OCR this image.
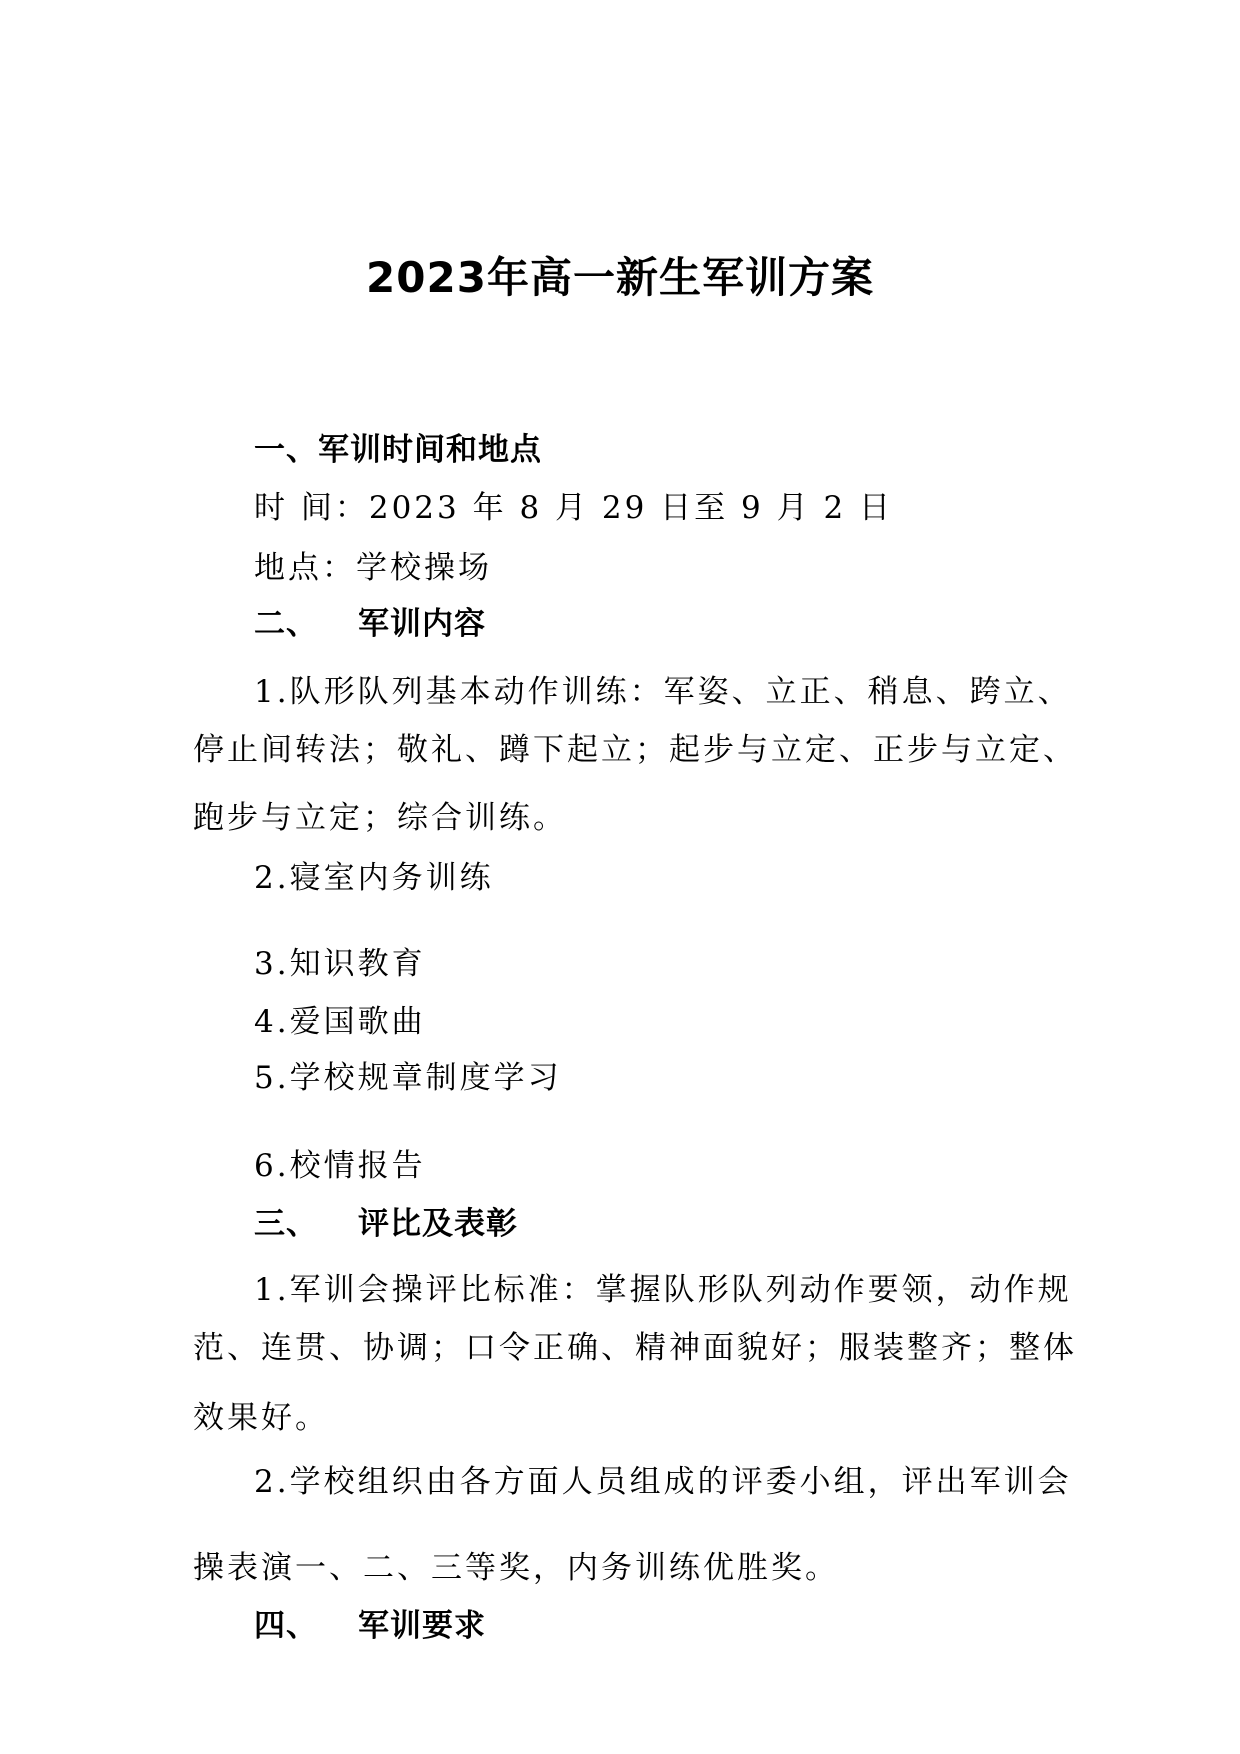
2023年高一新生军训方案
一、军训时间和地点
时 间：2023 年 8 月 29 日至 9 月 2 日
地点：学校操场
二、 军训内容
1.队形队列基本动作训练：军姿、立正、稍息、跨立、
停止间转法；敬礼、蹲下起立；起步与立定、正步与立定、
跑步与立定；综合训练。
2.寝室内务训练
3.知识教育
4.爱国歌曲
5.学校规章制度学习
6.校情报告
三、 评比及表彰
1.军训会操评比标准：掌握队形队列动作要领，动作规
范、连贯、协调；口令正确、精神面貌好；服装整齐；整体
效果好。
2.学校组织由各方面人员组成的评委小组，评出军训会
操表演一、二、三等奖，内务训练优胜奖。
四、 军训要求
